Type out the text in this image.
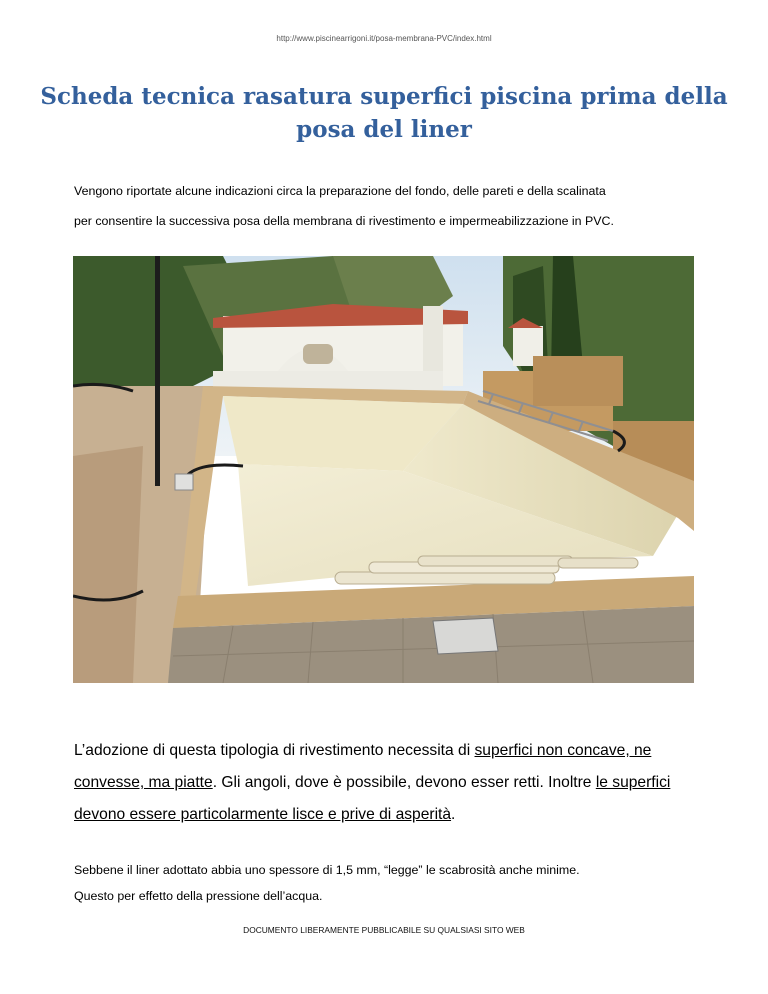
http://www.piscinearrigoni.it/posa-membrana-PVC/index.html
Scheda tecnica rasatura superfici piscina prima della posa del liner
Vengono riportate alcune indicazioni circa la preparazione del fondo, delle pareti e della scalinata
per consentire la successiva posa della membrana di rivestimento e impermeabilizzazione in PVC.
L’adozione di questa tipologia di rivestimento necessita di superfici non concave, ne convesse, ma piatte. Gli angoli, dove è possibile, devono esser retti. Inoltre le superfici devono essere particolarmente lisce e prive di asperità.
Sebbene il liner adottato abbia uno spessore di 1,5 mm, “legge” le scabrosità anche minime.
Questo per effetto della pressione dell’acqua.
DOCUMENTO LIBERAMENTE PUBBLICABILE SU QUALSIASI SITO WEB
